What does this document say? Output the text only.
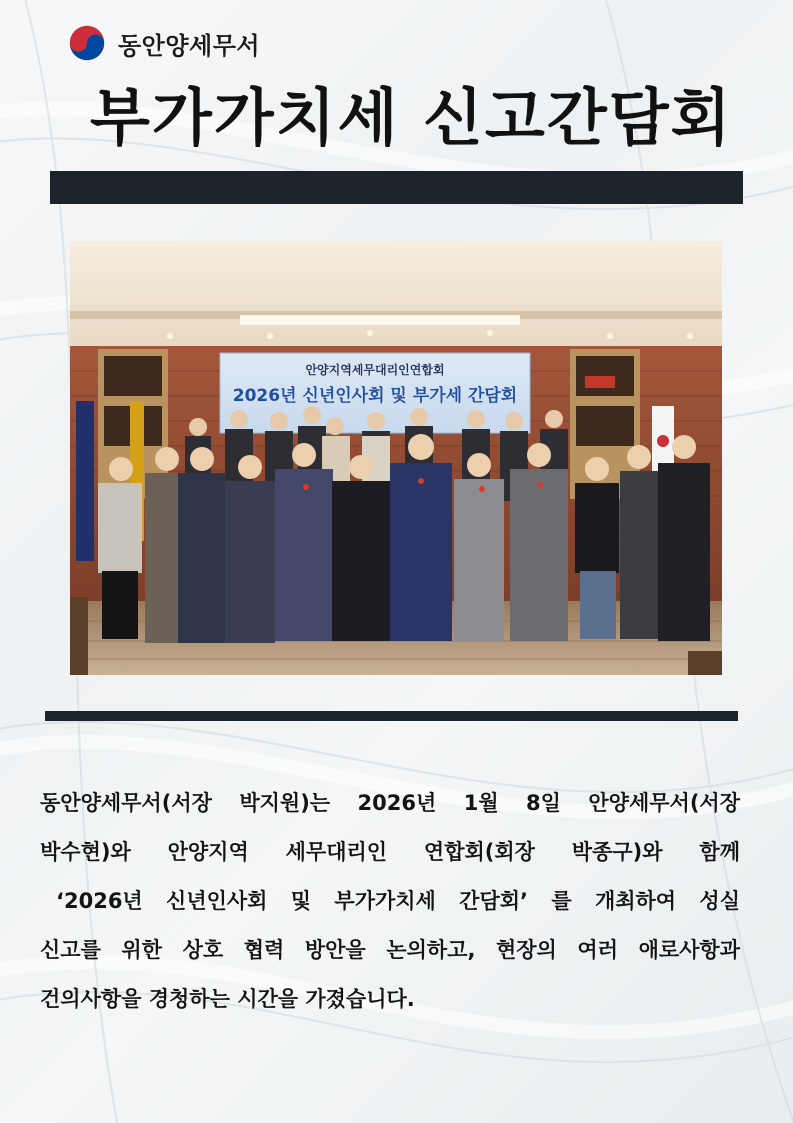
동안양세무서
부가가치세 신고간담회
안양지역세무대리인연합회
2026년 신년인사회 및 부가세 간담회
동안양세무서(서장 박지원)는 2026년 1월 8일 안양세무서(서장
박수현)와 안양지역 세무대리인 연합회(회장 박종구)와 함께
‘2026년 신년인사회 및 부가가치세 간담회’ 를 개최하여 성실
신고를 위한 상호 협력 방안을 논의하고, 현장의 여러 애로사항과
건의사항을 경청하는 시간을 가졌습니다.
